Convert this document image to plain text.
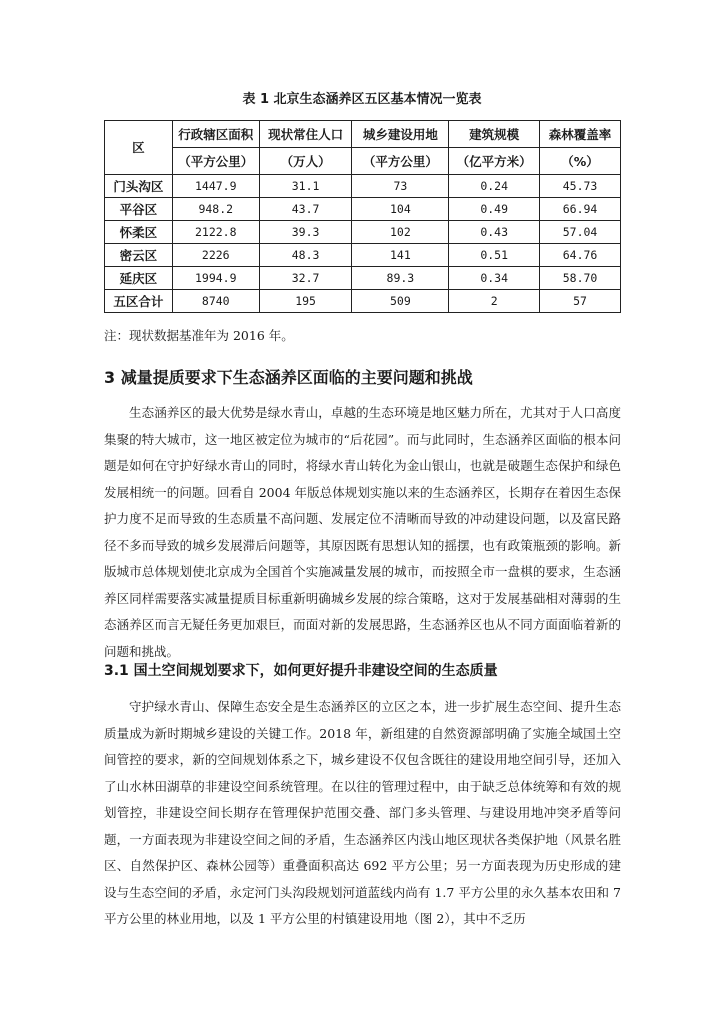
表 1 北京生态涵养区五区基本情况一览表
区	行政辖区面积	现状常住人口	城乡建设用地	建筑规模	森林覆盖率
	（平方公里）	（万人）	（平方公里）	（亿平方米）	（%）
门头沟区	1447.9	31.1	73	0.24	45.73
平谷区	948.2	43.7	104	0.49	66.94
怀柔区	2122.8	39.3	102	0.43	57.04
密云区	2226	48.3	141	0.51	64.76
延庆区	1994.9	32.7	89.3	0.34	58.70
五区合计	8740	195	509	2	57
注：现状数据基准年为 2016 年。
3 减量提质要求下生态涵养区面临的主要问题和挑战

生态涵养区的最大优势是绿水青山，卓越的生态环境是地区魅力所在，尤其对于人口高度集聚的特大城市，这一地区被定位为城市的“后花园”。而与此同时，生态涵养区面临的根本问题是如何在守护好绿水青山的同时，将绿水青山转化为金山银山，也就是破题生态保护和绿色发展相统一的问题。回看自 2004 年版总体规划实施以来的生态涵养区，长期存在着因生态保护力度不足而导致的生态质量不高问题、发展定位不清晰而导致的冲动建设问题，以及富民路径不多而导致的城乡发展滞后问题等，其原因既有思想认知的摇摆，也有政策瓶颈的影响。新版城市总体规划使北京成为全国首个实施减量发展的城市，而按照全市一盘棋的要求，生态涵养区同样需要落实减量提质目标重新明确城乡发展的综合策略，这对于发展基础相对薄弱的生态涵养区而言无疑任务更加艰巨，而面对新的发展思路，生态涵养区也从不同方面面临着新的问题和挑战。

3.1 国土空间规划要求下，如何更好提升非建设空间的生态质量

守护绿水青山、保障生态安全是生态涵养区的立区之本，进一步扩展生态空间、提升生态质量成为新时期城乡建设的关键工作。2018 年，新组建的自然资源部明确了实施全域国土空间管控的要求，新的空间规划体系之下，城乡建设不仅包含既往的建设用地空间引导，还加入了山水林田湖草的非建设空间系统管理。在以往的管理过程中，由于缺乏总体统筹和有效的规划管控，非建设空间长期存在管理保护范围交叠、部门多头管理、与建设用地冲突矛盾等问题，一方面表现为非建设空间之间的矛盾，生态涵养区内浅山地区现状各类保护地（风景名胜区、自然保护区、森林公园等）重叠面积高达 692 平方公里；另一方面表现为历史形成的建设与生态空间的矛盾，永定河门头沟段规划河道蓝线内尚有 1.7 平方公里的永久基本农田和 7 平方公里的林业用地，以及 1 平方公里的村镇建设用地（图 2），其中不乏历
